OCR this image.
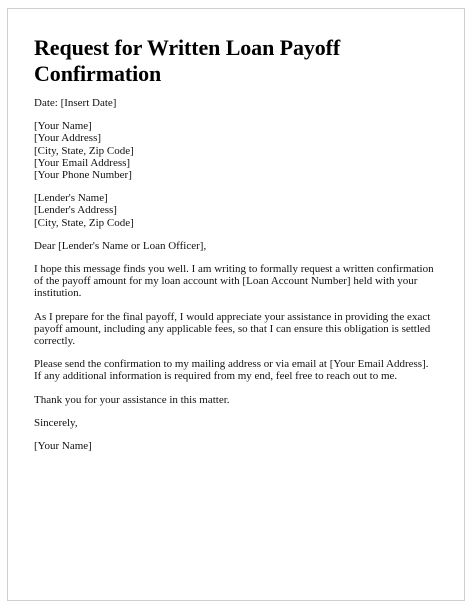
Request for Written Loan Payoff
Confirmation

Date: [Insert Date]

[Your Name]
[Your Address]
[City, State, Zip Code]
[Your Email Address]
[Your Phone Number]
[Lender's Name]
[Lender's Address]
[City, State, Zip Code]

Dear [Lender's Name or Loan Officer],

I hope this message finds you well. I am writing to formally request a written confirmation
of the payoff amount for my loan account with [Loan Account Number] held with your
institution.
As I prepare for the final payoff, I would appreciate your assistance in providing the exact
payoff amount, including any applicable fees, so that I can ensure this obligation is settled
correctly.
Please send the confirmation to my mailing address or via email at [Your Email Address].
If any additional information is required from my end, feel free to reach out to me.

Thank you for your assistance in this matter.

Sincerely,

[Your Name]
